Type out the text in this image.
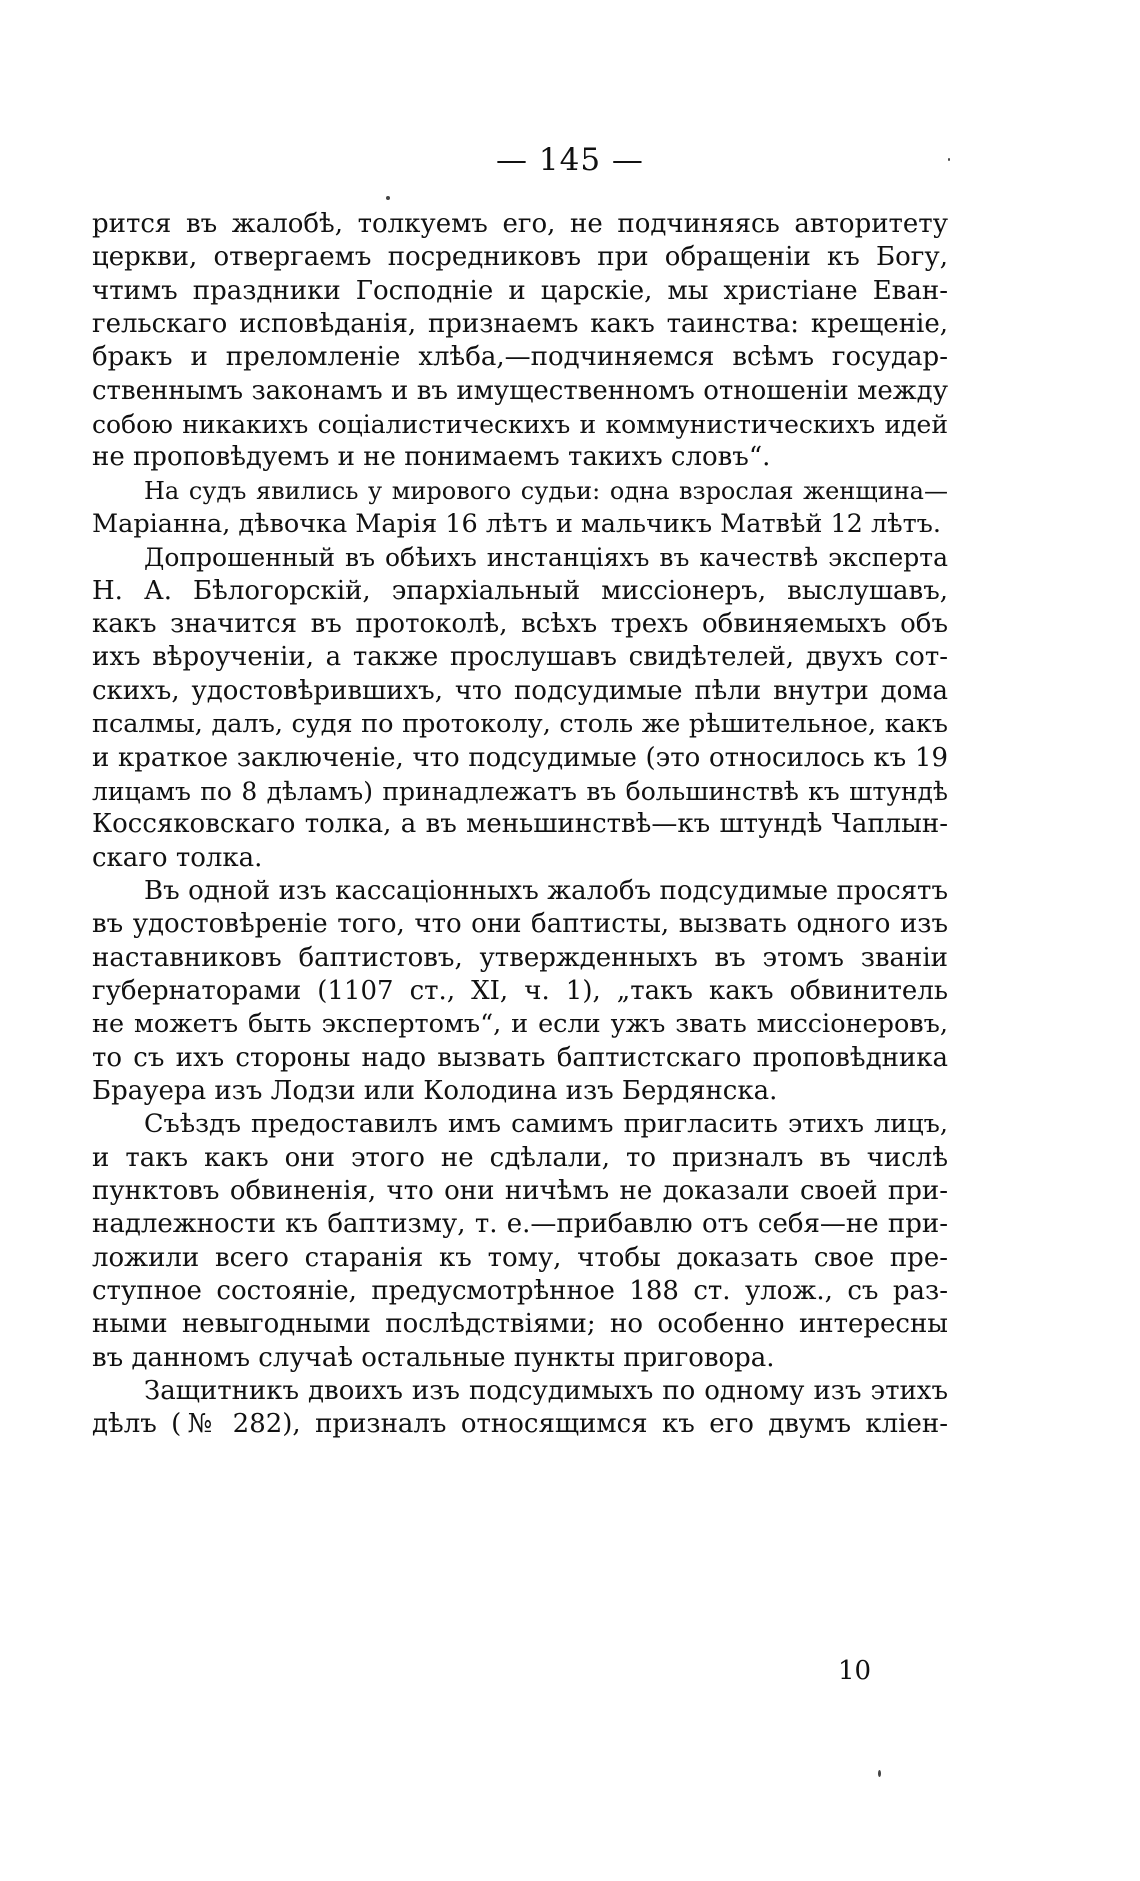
— 145 —
рится въ жалобѣ, толкуемъ его, не подчиняясь авторитету
церкви, отвергаемъ посредниковъ при обращеніи къ Богу,
чтимъ праздники Господніе и царскіе, мы христіане Еван-
гельскаго исповѣданія, признаемъ какъ таинства: крещеніе,
бракъ и преломленіе хлѣба,—подчиняемся всѣмъ государ-
ственнымъ законамъ и въ имущественномъ отношеніи между
собою никакихъ соціалистическихъ и коммунистическихъ идей
не проповѣдуемъ и не понимаемъ такихъ словъ“.
На судъ явились у мирового судьи: одна взрослая женщина—
Маріанна, дѣвочка Марія 16 лѣтъ и мальчикъ Матвѣй 12 лѣтъ.
Допрошенный въ обѣихъ инстанціяхъ въ качествѣ эксперта
Н. А. Бѣлогорскій, эпархіальный миссіонеръ, выслушавъ,
какъ значится въ протоколѣ, всѣхъ трехъ обвиняемыхъ объ
ихъ вѣроученіи, а также прослушавъ свидѣтелей, двухъ сот-
скихъ, удостовѣрившихъ, что подсудимые пѣли внутри дома
псалмы, далъ, судя по протоколу, столь же рѣшительное, какъ
и краткое заключеніе, что подсудимые (это относилось къ 19
лицамъ по 8 дѣламъ) принадлежатъ въ большинствѣ къ штундѣ
Коссяковскаго толка, а въ меньшинствѣ—къ штундѣ Чаплын-
скаго толка.
Въ одной изъ кассаціонныхъ жалобъ подсудимые просятъ
въ удостовѣреніе того, что они баптисты, вызвать одного изъ
наставниковъ баптистовъ, утвержденныхъ въ этомъ званіи
губернаторами (1107 ст., XI, ч. 1), „такъ какъ обвинитель
не можетъ быть экспертомъ“, и если ужъ звать миссіонеровъ,
то съ ихъ стороны надо вызвать баптистскаго проповѣдника
Брауера изъ Лодзи или Колодина изъ Бердянска.
Съѣздъ предоставилъ имъ самимъ пригласить этихъ лицъ,
и такъ какъ они этого не сдѣлали, то призналъ въ числѣ
пунктовъ обвиненія, что они ничѣмъ не доказали своей при-
надлежности къ баптизму, т. е.—прибавлю отъ себя—не при-
ложили всего старанія къ тому, чтобы доказать свое пре-
ступное состояніе, предусмотрѣнное 188 ст. улож., съ раз-
ными невыгодными послѣдствіями; но особенно интересны
въ данномъ случаѣ остальные пункты приговора.
Защитникъ двоихъ изъ подсудимыхъ по одному изъ этихъ
дѣлъ (№ 282), призналъ относящимся къ его двумъ кліен-
10
